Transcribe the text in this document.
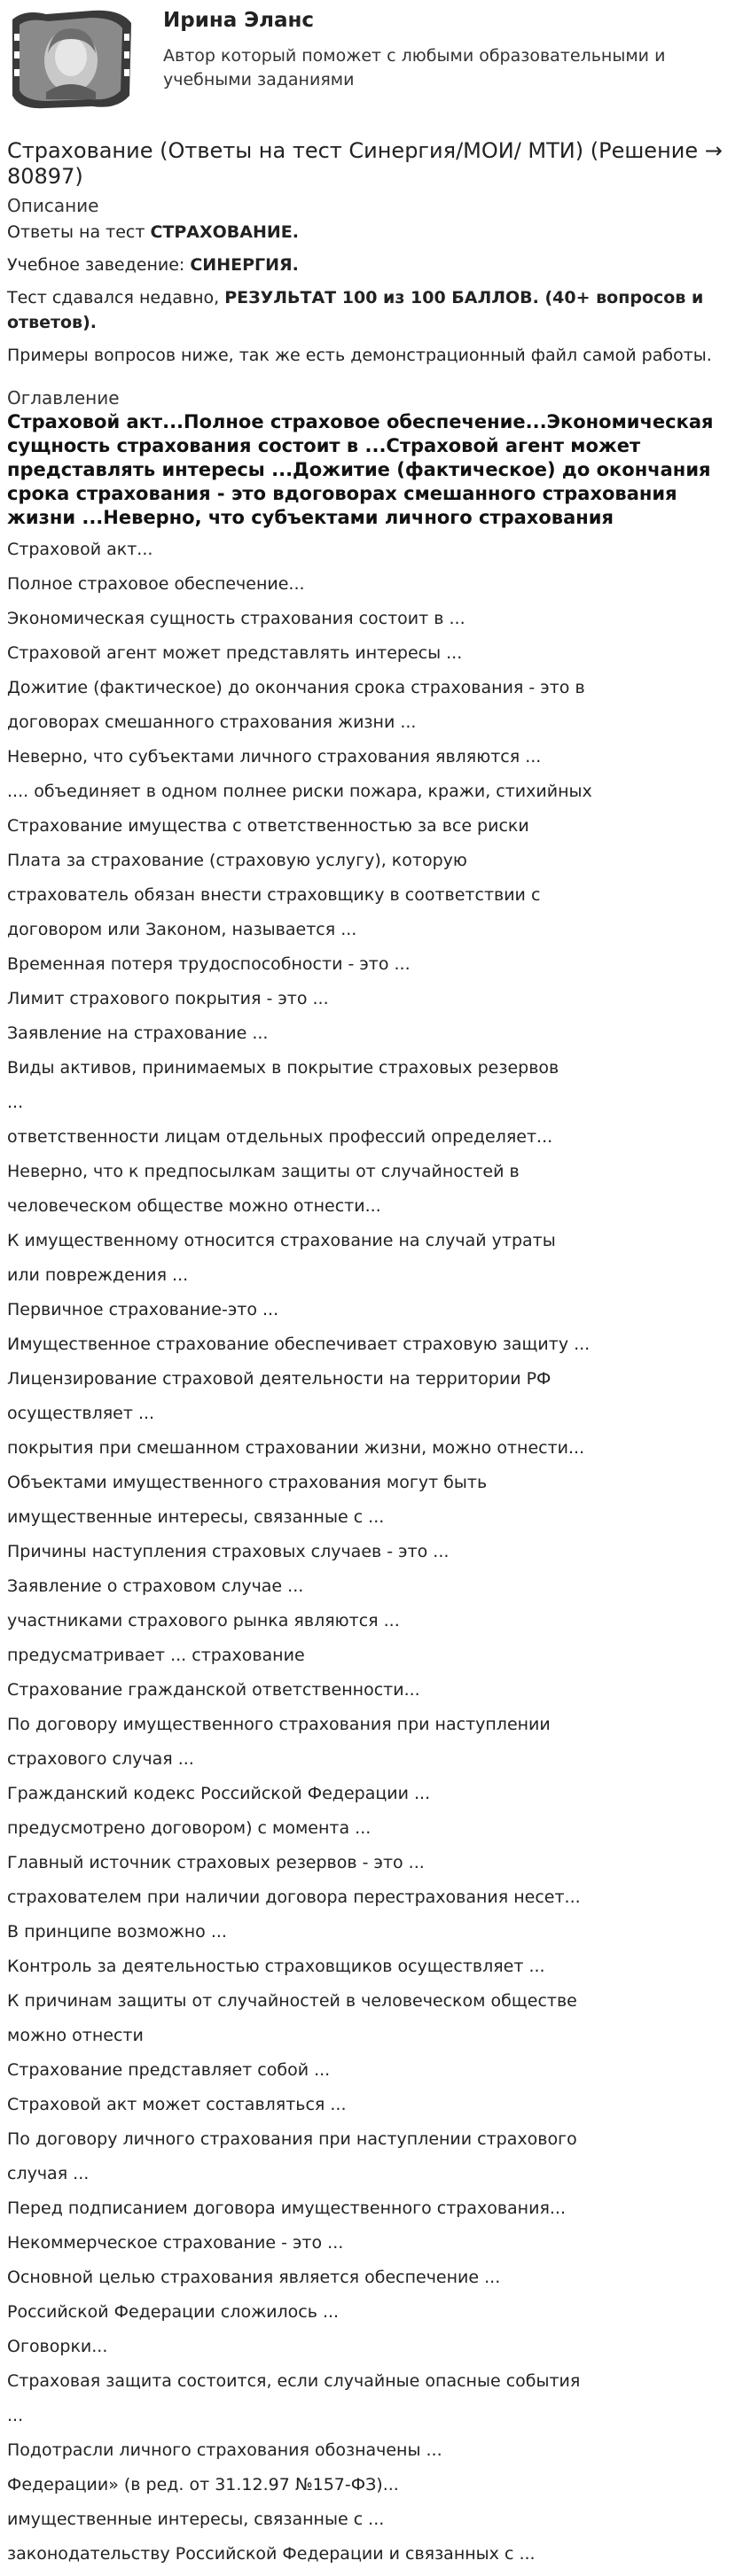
Ирина Эланс
Автор который поможет с любыми образовательными и учебными заданиями
Страхование (Ответы на тест Синергия/МОИ/ МТИ) (Решение → 80897)
Описание

Ответы на тест СТРАХОВАНИЕ.

Учебное заведение: СИНЕРГИЯ.

Тест сдавался недавно, РЕЗУЛЬТАТ 100 из 100 БАЛЛОВ. (40+ вопросов и ответов).

Примеры вопросов ниже, так же есть демонстрационный файл самой работы.

Оглавление
Страховой акт...Полное страховое обеспечение...Экономическая сущность страхования состоит в ...Страховой агент может представлять интересы ...Дожитие (фактическое) до окончания срока страхования - это вдоговорах смешанного страхования жизни ...Неверно, что субъектами личного страхования
Страховой акт...
Полное страховое обеспечение...
Экономическая сущность страхования состоит в ...
Страховой агент может представлять интересы ...
Дожитие (фактическое) до окончания срока страхования - это в
договорах смешанного страхования жизни ...
Неверно, что субъектами личного страхования являются ...
.... объединяет в одном полнее риски пожара, кражи, стихийных
Страхование имущества с ответственностью за все риски
Плата за страхование (страховую услугу), которую
страхователь обязан внести страховщику в соответствии с
договором или Законом, называется ...
Временная потеря трудоспособности - это ...
Лимит страхового покрытия - это ...
Заявление на страхование ...
Виды активов, принимаемых в покрытие страховых резервов
...
ответственности лицам отдельных профессий определяет...
Неверно, что к предпосылкам защиты от случайностей в
человеческом обществе можно отнести...
К имущественному относится страхование на случай утраты
или повреждения ...
Первичное страхование-это ...
Имущественное страхование обеспечивает страховую защиту ...
Лицензирование страховой деятельности на территории РФ
осуществляет ...
покрытия при смешанном страховании жизни, можно отнести...
Объектами имущественного страхования могут быть
имущественные интересы, связанные с ...
Причины наступления страховых случаев - это ...
Заявление о страховом случае ...
участниками страхового рынка являются ...
предусматривает ... страхование
Страхование гражданской ответственности...
По договору имущественного страхования при наступлении
страхового случая ...
Гражданский кодекс Российской Федерации ...
предусмотрено договором) с момента ...
Главный источник страховых резервов - это ...
страхователем при наличии договора перестрахования несет...
В принципе возможно ...
Контроль за деятельностью страховщиков осуществляет ...
К причинам защиты от случайностей в человеческом обществе
можно отнести
Страхование представляет собой ...
Страховой акт может составляться ...
По договору личного страхования при наступлении страхового
случая ...
Перед подписанием договора имущественного страхования...
Некоммерческое страхование - это ...
Основной целью страхования является обеспечение ...
Российской Федерации сложилось ...
Оговорки...
Страховая защита состоится, если случайные опасные события
...
Подотрасли личного страхования обозначены ...
Федерации» (в ред. от 31.12.97 №157-ФЗ)...
имущественные интересы, связанные с ...
законодательству Российской Федерации и связанных с ...
